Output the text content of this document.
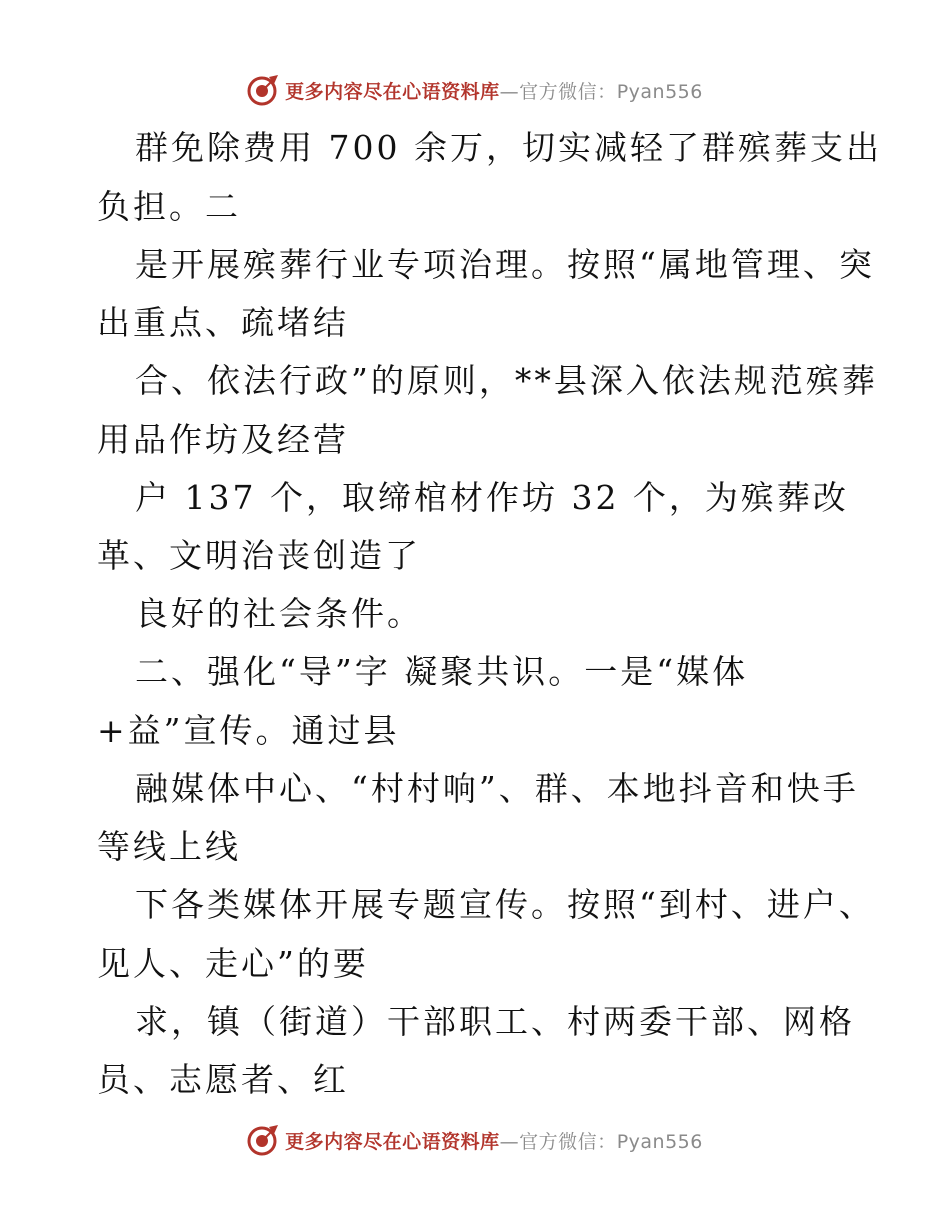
更多内容尽在心语资料库—官方微信：Pyan556
群免除费用 700 余万，切实减轻了群殡葬支出
负担。二
是开展殡葬行业专项治理。按照“属地管理、突
出重点、疏堵结
合、依法行政”的原则，**县深入依法规范殡葬
用品作坊及经营
户 137 个，取缔棺材作坊 32 个，为殡葬改
革、文明治丧创造了
良好的社会条件。
二、强化“导”字 凝聚共识。一是“媒体
+益”宣传。通过县
融媒体中心、“村村响”、群、本地抖音和快手
等线上线
下各类媒体开展专题宣传。按照“到村、进户、
见人、走心”的要
求，镇（街道）干部职工、村两委干部、网格
员、志愿者、红
更多内容尽在心语资料库—官方微信：Pyan556
